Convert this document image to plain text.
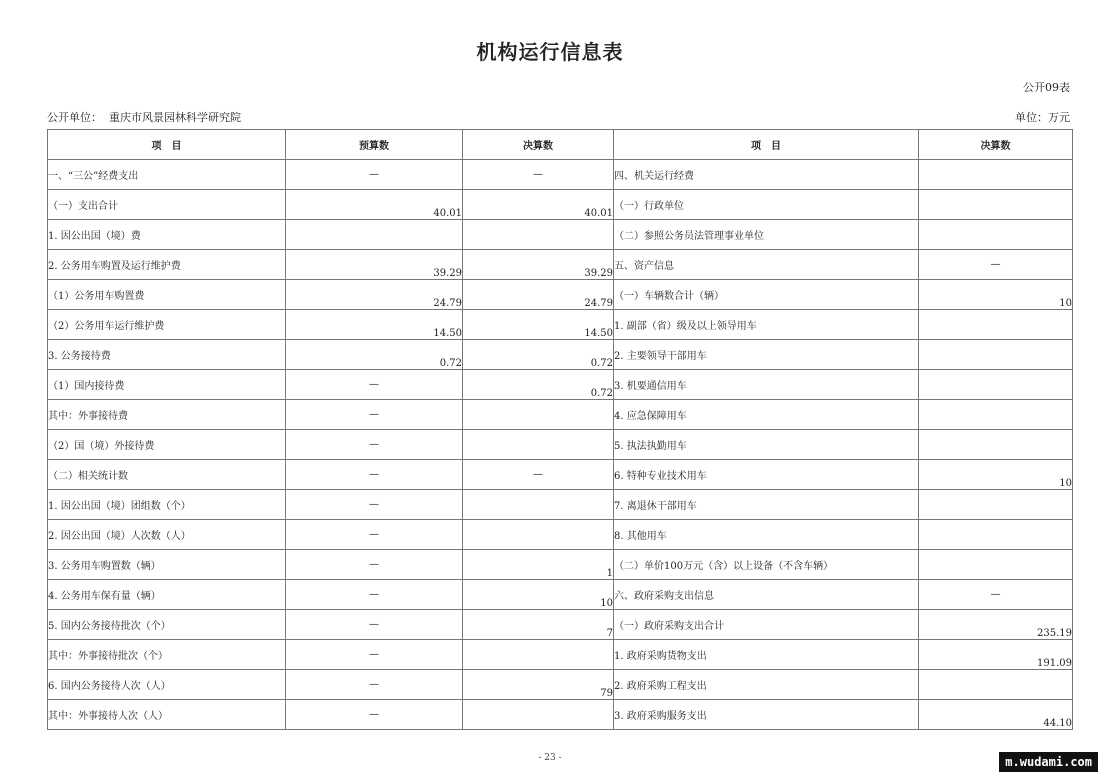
机构运行信息表
公开09表
公开单位： 重庆市风景园林科学研究院	单位：万元
项　目	预算数	决算数	项　目	决算数
一、“三公”经费支出	—	—	四、机关运行经费	
（一）支出合计	40.01	40.01	（一）行政单位	
1. 因公出国（境）费			（二）参照公务员法管理事业单位	
2. 公务用车购置及运行维护费	39.29	39.29	五、资产信息	—
（1）公务用车购置费	24.79	24.79	（一）车辆数合计（辆）	10
（2）公务用车运行维护费	14.50	14.50	1. 副部（省）级及以上领导用车	
3. 公务接待费	0.72	0.72	2. 主要领导干部用车	
（1）国内接待费	—	0.72	3. 机要通信用车	
其中：外事接待费	—		4. 应急保障用车	
（2）国（境）外接待费	—		5. 执法执勤用车	
（二）相关统计数	—	—	6. 特种专业技术用车	10
1. 因公出国（境）团组数（个）	—		7. 离退休干部用车	
2. 因公出国（境）人次数（人）	—		8. 其他用车	
3. 公务用车购置数（辆）	—	1	（二）单价100万元（含）以上设备（不含车辆）	
4. 公务用车保有量（辆）	—	10	六、政府采购支出信息	—
5. 国内公务接待批次（个）	—	7	（一）政府采购支出合计	235.19
其中：外事接待批次（个）	—		1. 政府采购货物支出	191.09
6. 国内公务接待人次（人）	—	79	2. 政府采购工程支出	
其中：外事接待人次（人）	—		3. 政府采购服务支出	44.10
- 23 -	m.wudami.com
